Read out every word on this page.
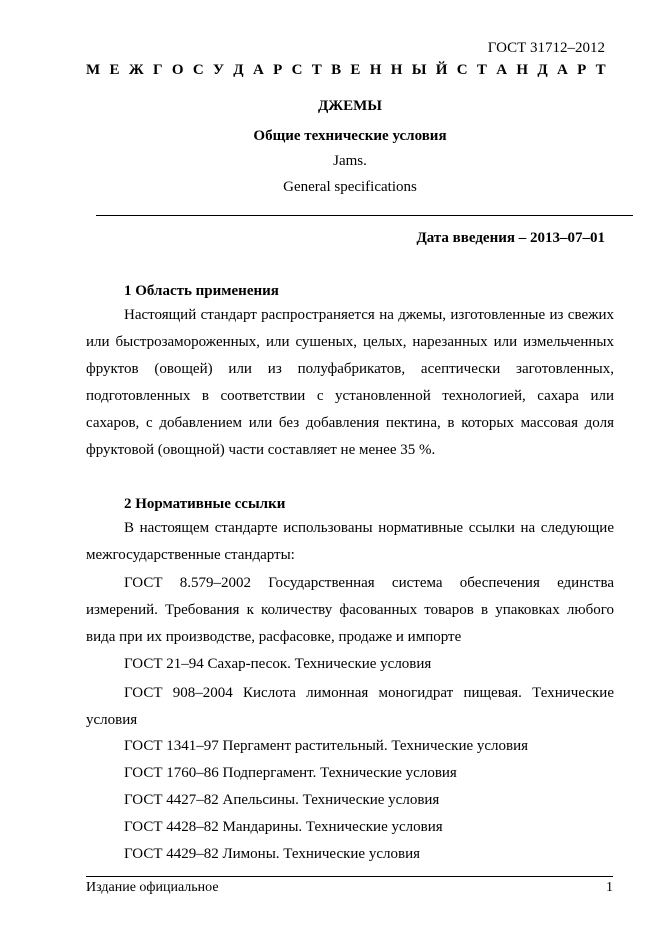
ГОСТ 31712–2012
М Е Ж Г О С У Д А Р С Т В Е Н Н Ы Й С Т А Н Д А Р Т
ДЖЕМЫ
Общие технические условия
Jams.
General specifications
Дата введения – 2013–07–01
1 Область применения

Настоящий стандарт распространяется на джемы, изготовленные из свежих или быстрозамороженных, или сушеных, целых, нарезанных или измельченных фруктов (овощей) или из полуфабрикатов, асептически заготовленных, подготовленных в соответствии с установленной технологией, сахара или сахаров, с добавлением или без добавления пектина, в которых массовая доля фруктовой (овощной) части составляет не менее 35 %.

2 Нормативные ссылки

В настоящем стандарте использованы нормативные ссылки на следующие межгосударственные стандарты:

ГОСТ 8.579–2002 Государственная система обеспечения единства измерений. Требования к количеству фасованных товаров в упаковках любого вида при их производстве, расфасовке, продаже и импорте

ГОСТ 21–94 Сахар-песок. Технические условия

ГОСТ 908–2004 Кислота лимонная моногидрат пищевая. Технические условия

ГОСТ 1341–97 Пергамент растительный. Технические условия
ГОСТ 1760–86 Подпергамент. Технические условия
ГОСТ 4427–82 Апельсины. Технические условия
ГОСТ 4428–82 Мандарины. Технические условия
ГОСТ 4429–82 Лимоны. Технические условия
Издание официальное	1
